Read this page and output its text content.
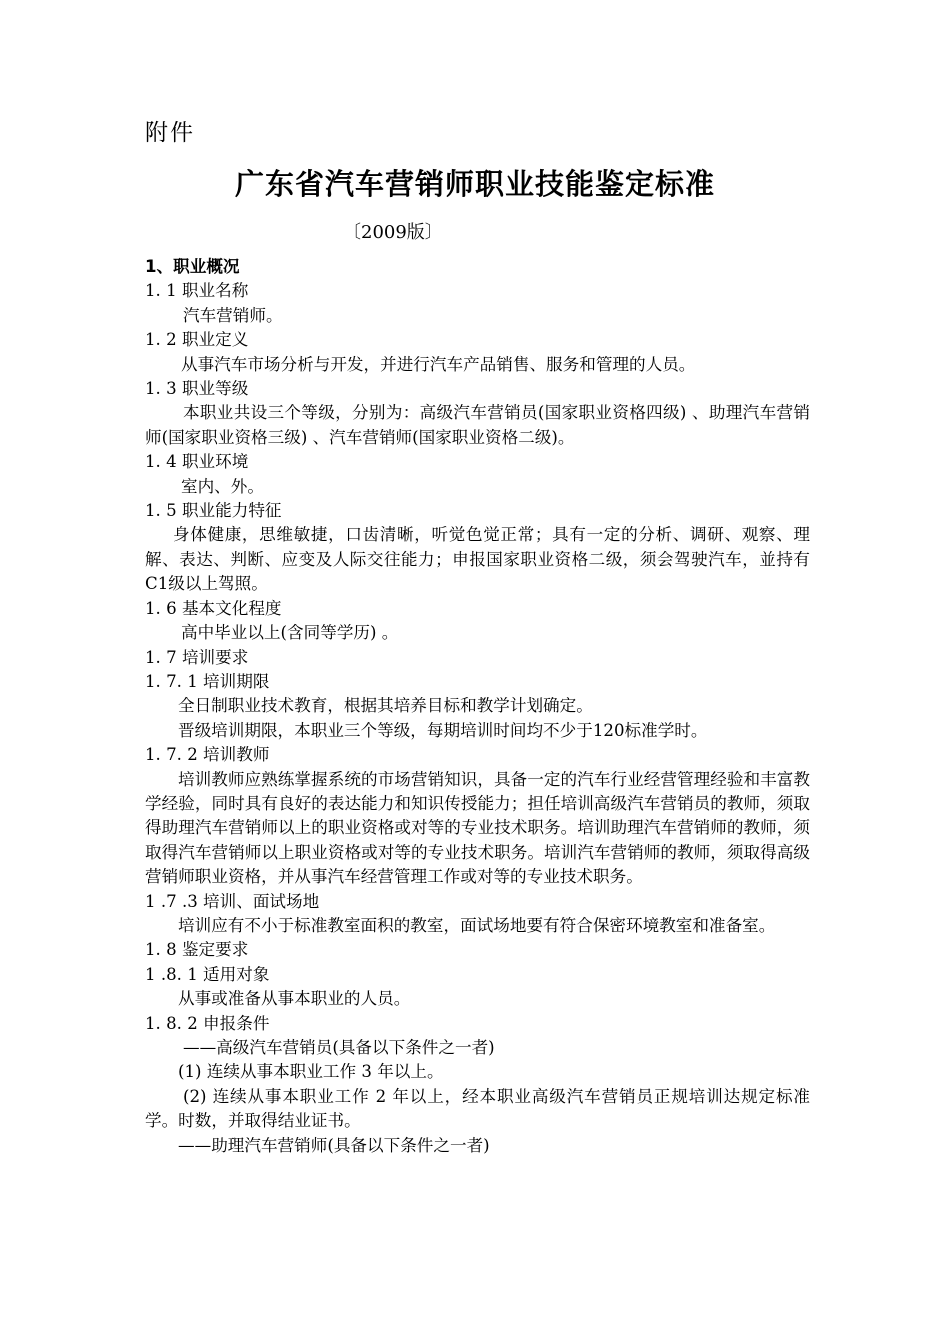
附件
广东省汽车营销师职业技能鉴定标准
〔2009版〕

1、职业概况

1. 1 职业名称

汽车营销师。

1. 2 职业定义

从事汽车市场分析与开发，并进行汽车产品销售、服务和管理的人员。

1. 3 职业等级

本职业共设三个等级，分别为：高级汽车营销员(国家职业资格四级) 、助理汽车营销师(国家职业资格三级) 、汽车营销师(国家职业资格二级)。

1. 4 职业环境

室内、外。

1. 5 职业能力特征

身体健康，思维敏捷，口齿清晰，听觉色觉正常；具有一定的分析、调研、观察、理解、表达、判断、应变及人际交往能力；申报国家职业资格二级，须会驾驶汽车，並持有C1级以上驾照。

1. 6 基本文化程度

高中毕业以上(含同等学历) 。

1. 7 培训要求

1. 7. 1 培训期限

全日制职业技术教育，根据其培养目标和教学计划确定。

晋级培训期限，本职业三个等级，每期培训时间均不少于120标准学时。

1. 7. 2 培训教师

培训教师应熟练掌握系统的市场营销知识，具备一定的汽车行业经营管理经验和丰富教学经验，同时具有良好的表达能力和知识传授能力；担任培训高级汽车营销员的教师，须取得助理汽车营销师以上的职业资格或对等的专业技术职务。培训助理汽车营销师的教师，须取得汽车营销师以上职业资格或对等的专业技术职务。培训汽车营销师的教师，须取得高级营销师职业资格，并从事汽车经营管理工作或对等的专业技术职务。

1 .7 .3 培训、面试场地

培训应有不小于标准教室面积的教室，面试场地要有符合保密环境教室和准备室。

1. 8 鉴定要求

1 .8. 1 适用对象

从事或准备从事本职业的人员。

1. 8. 2 申报条件

——高级汽车营销员(具备以下条件之一者)

(1) 连续从事本职业工作 3 年以上。

(2) 连续从事本职业工作 2 年以上，经本职业高级汽车营销员正规培训达规定标准学。时数，并取得结业证书。

——助理汽车营销师(具备以下条件之一者)
